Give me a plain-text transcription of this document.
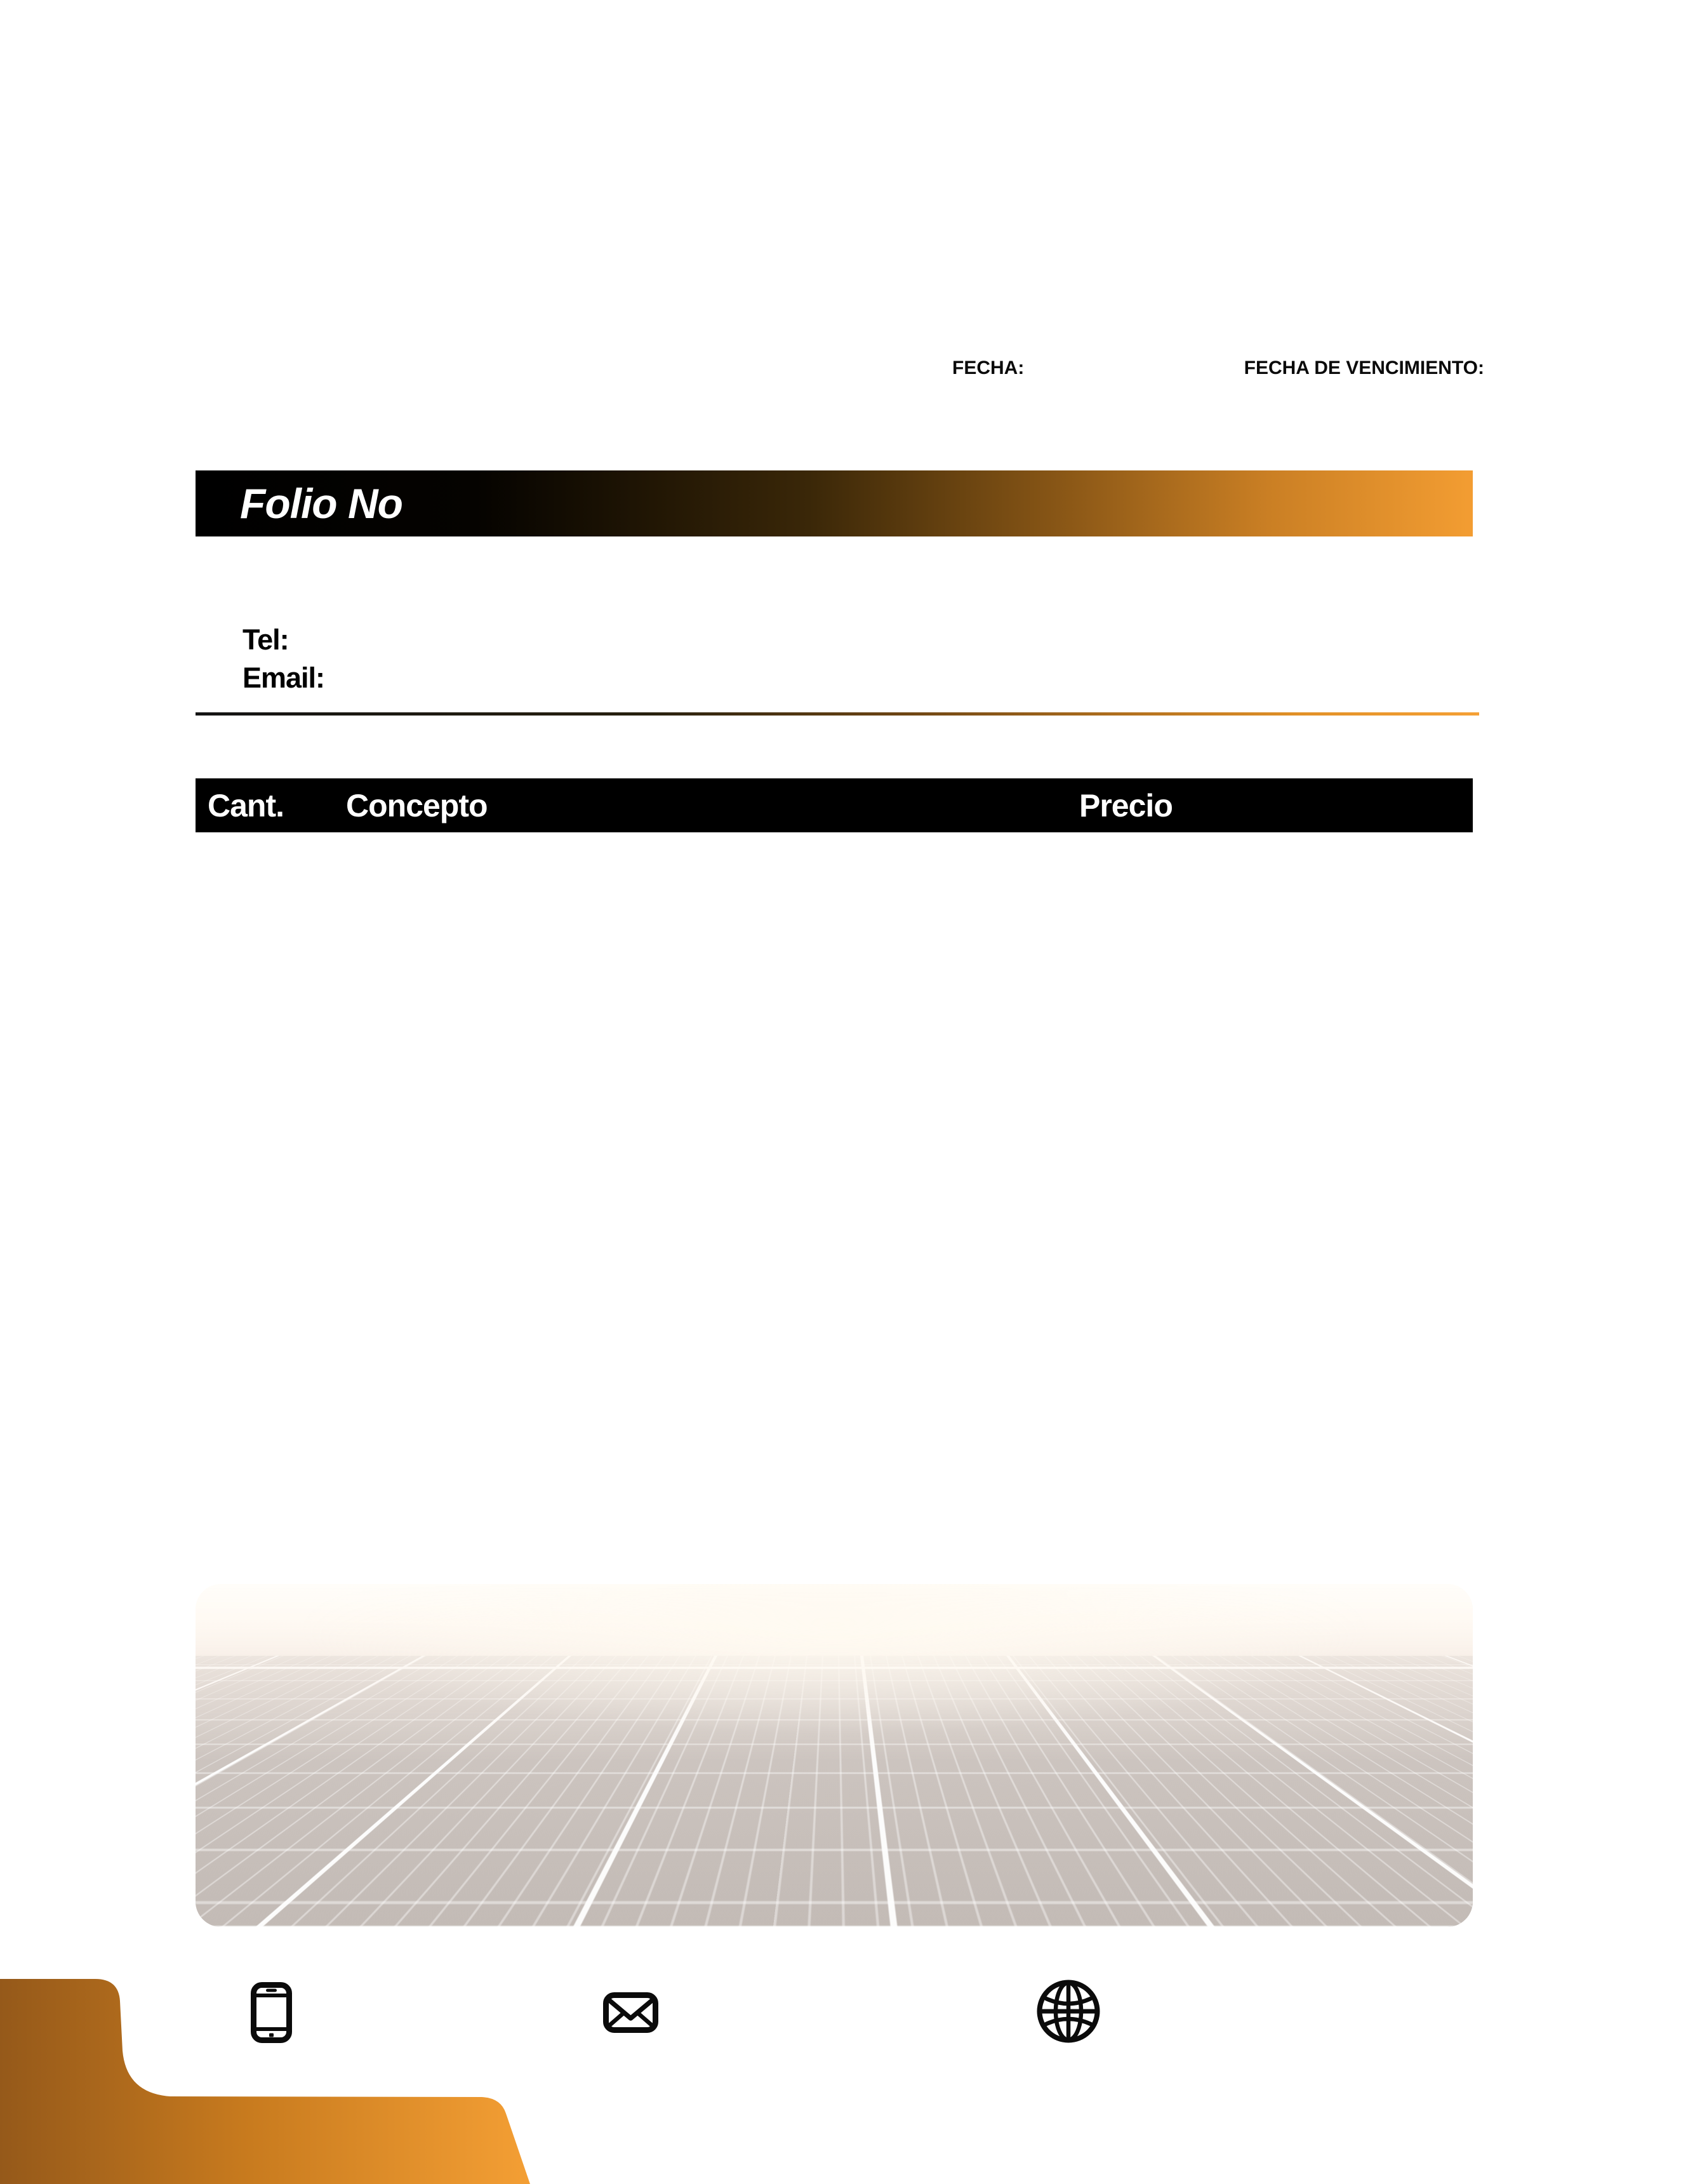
FECHA:	FECHA DE VENCIMIENTO:
Folio No
Tel:
Email:
Cant. Concepto	Precio
